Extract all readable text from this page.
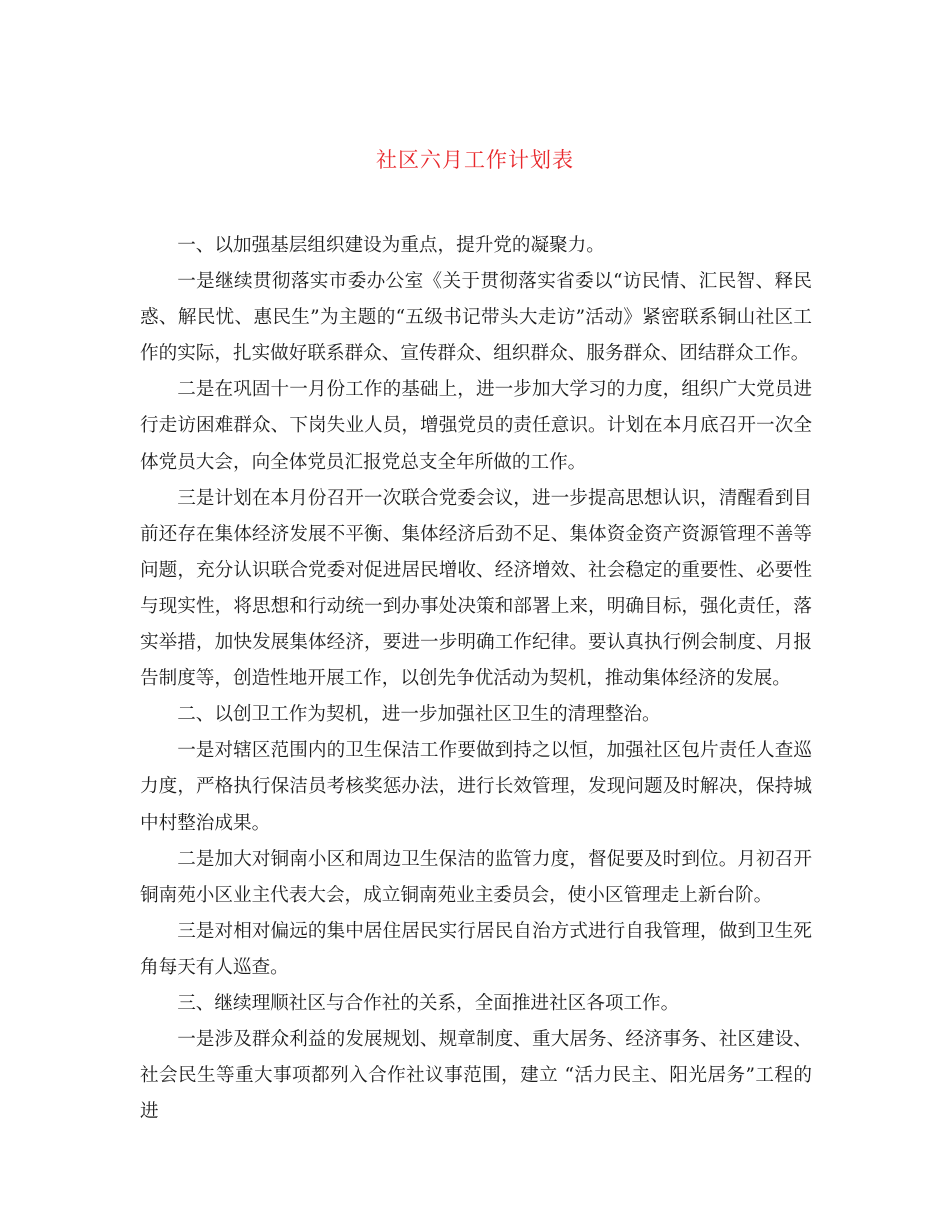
社区六月工作计划表

一、以加强基层组织建设为重点，提升党的凝聚力。

一是继续贯彻落实市委办公室《关于贯彻落实省委以“访民情、汇民智、释民惑、解民忧、惠民生”为主题的“五级书记带头大走访”活动》紧密联系铜山社区工作的实际，扎实做好联系群众、宣传群众、组织群众、服务群众、团结群众工作。

二是在巩固十一月份工作的基础上，进一步加大学习的力度，组织广大党员进行走访困难群众、下岗失业人员，增强党员的责任意识。计划在本月底召开一次全体党员大会，向全体党员汇报党总支全年所做的工作。

三是计划在本月份召开一次联合党委会议，进一步提高思想认识，清醒看到目前还存在集体经济发展不平衡、集体经济后劲不足、集体资金资产资源管理不善等问题，充分认识联合党委对促进居民增收、经济增效、社会稳定的重要性、必要性与现实性，将思想和行动统一到办事处决策和部署上来，明确目标，强化责任，落实举措，加快发展集体经济，要进一步明确工作纪律。要认真执行例会制度、月报告制度等，创造性地开展工作，以创先争优活动为契机，推动集体经济的发展。

二、以创卫工作为契机，进一步加强社区卫生的清理整治。

一是对辖区范围内的卫生保洁工作要做到持之以恒，加强社区包片责任人查巡力度，严格执行保洁员考核奖惩办法，进行长效管理，发现问题及时解决，保持城中村整治成果。

二是加大对铜南小区和周边卫生保洁的监管力度，督促要及时到位。月初召开铜南苑小区业主代表大会，成立铜南苑业主委员会，使小区管理走上新台阶。

三是对相对偏远的集中居住居民实行居民自治方式进行自我管理，做到卫生死角每天有人巡查。

三、继续理顺社区与合作社的关系，全面推进社区各项工作。

一是涉及群众利益的发展规划、规章制度、重大居务、经济事务、社区建设、社会民生等重大事项都列入合作社议事范围，建立 “活力民主、阳光居务”工程的进
